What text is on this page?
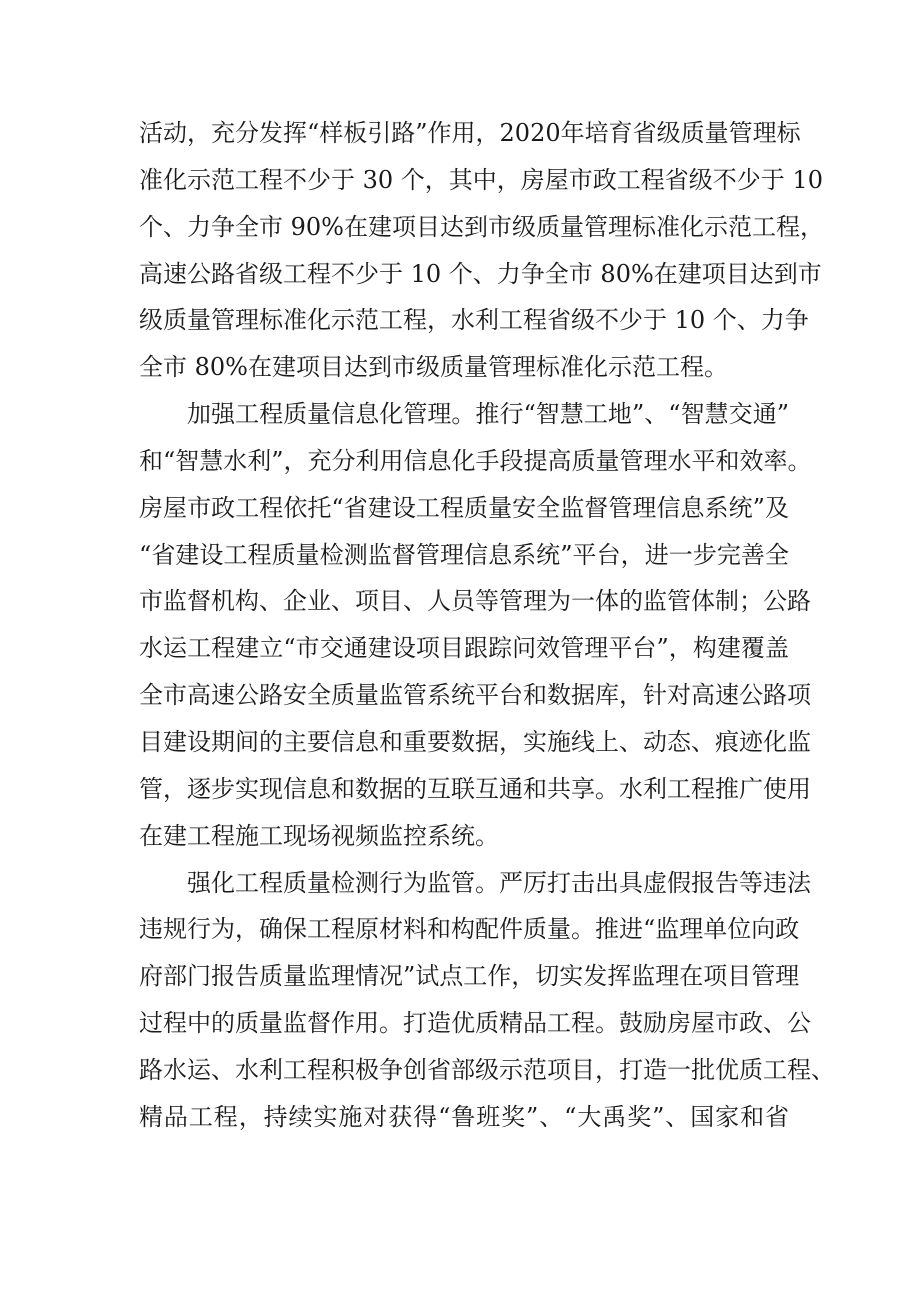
活动，充分发挥“样板引路”作用，2020年培育省级质量管理标
准化示范工程不少于 30 个，其中，房屋市政工程省级不少于 10
个、力争全市 90%在建项目达到市级质量管理标准化示范工程，
高速公路省级工程不少于 10 个、力争全市 80%在建项目达到市
级质量管理标准化示范工程，水利工程省级不少于 10 个、力争
全市 80%在建项目达到市级质量管理标准化示范工程。
加强工程质量信息化管理。推行“智慧工地”、“智慧交通”
和“智慧水利”，充分利用信息化手段提高质量管理水平和效率。
房屋市政工程依托“省建设工程质量安全监督管理信息系统”及
“省建设工程质量检测监督管理信息系统”平台，进一步完善全
市监督机构、企业、项目、人员等管理为一体的监管体制；公路
水运工程建立“市交通建设项目跟踪问效管理平台”，构建覆盖
全市高速公路安全质量监管系统平台和数据库，针对高速公路项
目建设期间的主要信息和重要数据，实施线上、动态、痕迹化监
管，逐步实现信息和数据的互联互通和共享。水利工程推广使用
在建工程施工现场视频监控系统。
强化工程质量检测行为监管。严厉打击出具虚假报告等违法
违规行为，确保工程原材料和构配件质量。推进“监理单位向政
府部门报告质量监理情况”试点工作，切实发挥监理在项目管理
过程中的质量监督作用。打造优质精品工程。鼓励房屋市政、公
路水运、水利工程积极争创省部级示范项目，打造一批优质工程、
精品工程，持续实施对获得“鲁班奖”、“大禹奖”、国家和省
